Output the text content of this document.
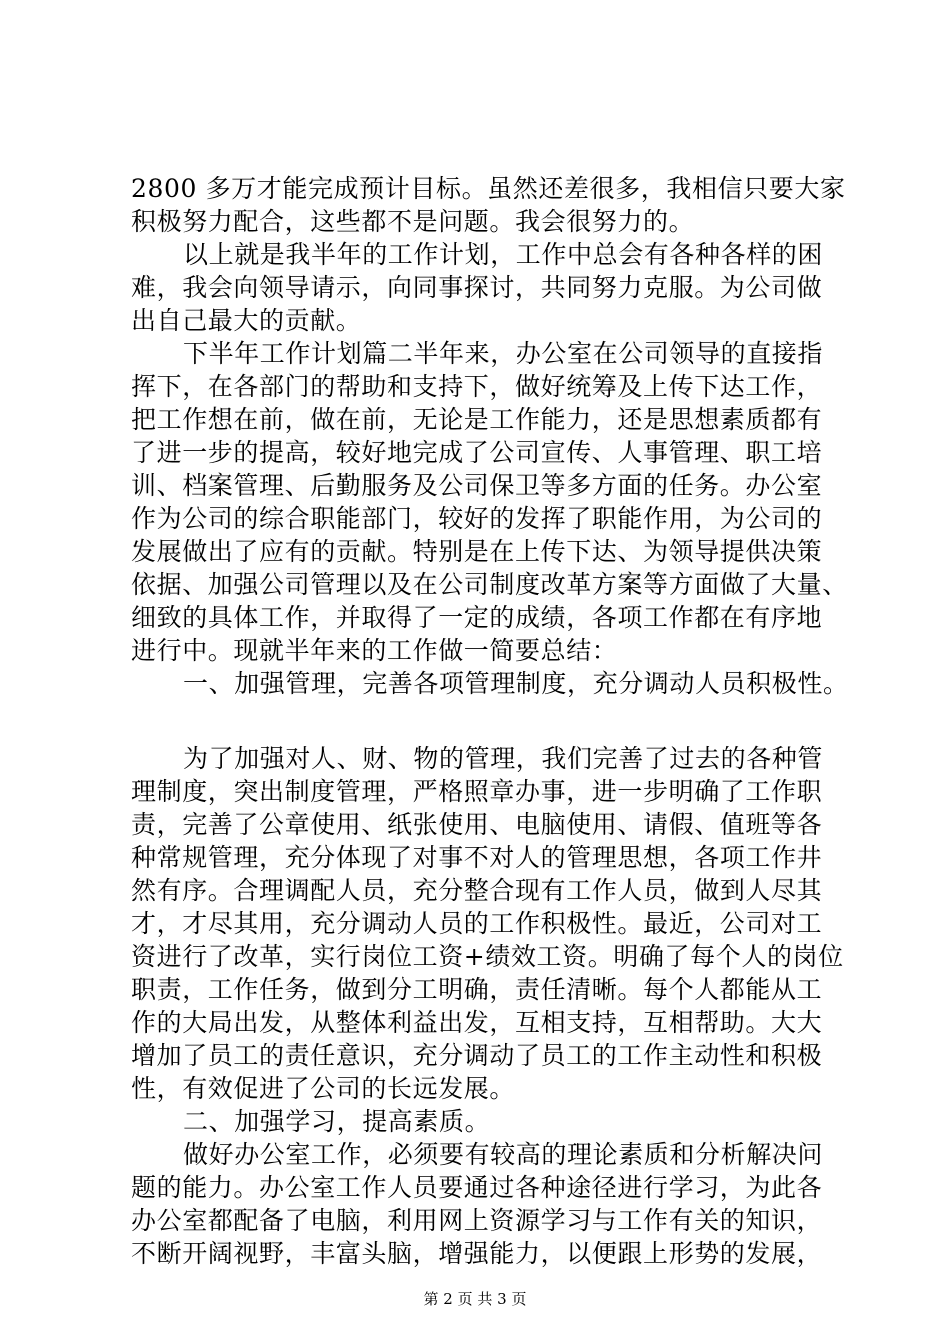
2800 多万才能完成预计目标。虽然还差很多，我相信只要大家
积极努力配合，这些都不是问题。我会很努力的。
以上就是我半年的工作计划，工作中总会有各种各样的困
难，我会向领导请示，向同事探讨，共同努力克服。为公司做
出自己最大的贡献。
下半年工作计划篇二半年来，办公室在公司领导的直接指
挥下，在各部门的帮助和支持下，做好统筹及上传下达工作，
把工作想在前，做在前，无论是工作能力，还是思想素质都有
了进一步的提高，较好地完成了公司宣传、人事管理、职工培
训、档案管理、后勤服务及公司保卫等多方面的任务。办公室
作为公司的综合职能部门，较好的发挥了职能作用，为公司的
发展做出了应有的贡献。特别是在上传下达、为领导提供决策
依据、加强公司管理以及在公司制度改革方案等方面做了大量、
细致的具体工作，并取得了一定的成绩，各项工作都在有序地
进行中。现就半年来的工作做一简要总结：
一、加强管理，完善各项管理制度，充分调动人员积极性。
为了加强对人、财、物的管理，我们完善了过去的各种管
理制度，突出制度管理，严格照章办事，进一步明确了工作职
责，完善了公章使用、纸张使用、电脑使用、请假、值班等各
种常规管理，充分体现了对事不对人的管理思想，各项工作井
然有序。合理调配人员，充分整合现有工作人员，做到人尽其
才，才尽其用，充分调动人员的工作积极性。最近，公司对工
资进行了改革，实行岗位工资+绩效工资。明确了每个人的岗位
职责，工作任务，做到分工明确，责任清晰。每个人都能从工
作的大局出发，从整体利益出发，互相支持，互相帮助。大大
增加了员工的责任意识，充分调动了员工的工作主动性和积极
性，有效促进了公司的长远发展。
二、加强学习，提高素质。
做好办公室工作，必须要有较高的理论素质和分析解决问
题的能力。办公室工作人员要通过各种途径进行学习，为此各
办公室都配备了电脑，利用网上资源学习与工作有关的知识，
不断开阔视野，丰富头脑，增强能力，以便跟上形势的发展，
第 2 页 共 3 页
